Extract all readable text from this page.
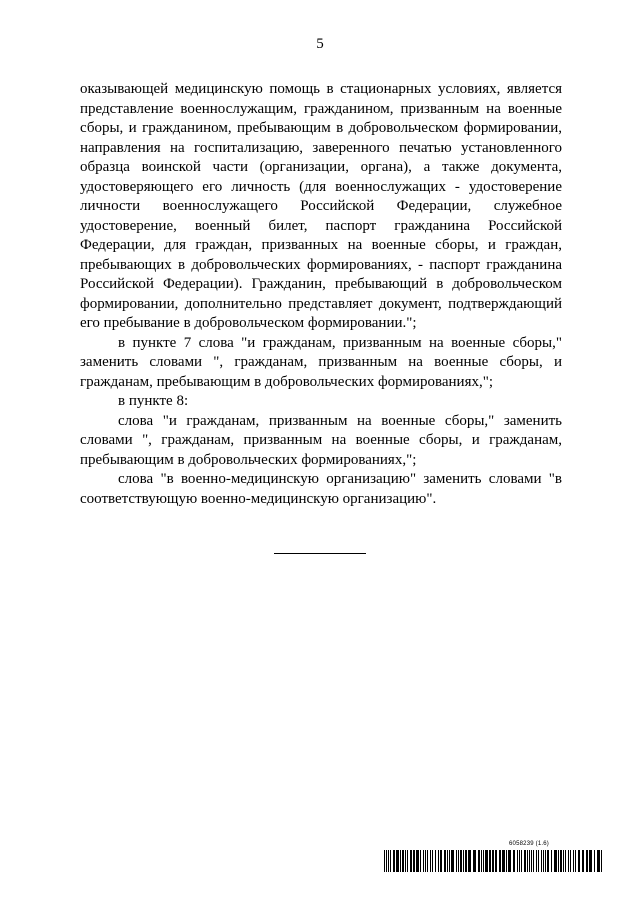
5

оказывающей медицинскую помощь в стационарных условиях, является представление военнослужащим, гражданином, призванным на военные сборы, и гражданином, пребывающим в добровольческом формировании, направления на госпитализацию, заверенного печатью установленного образца воинской части (организации, органа), а также документа, удостоверяющего его личность (для военнослужащих - удостоверение личности военнослужащего Российской Федерации, служебное удостоверение, военный билет, паспорт гражданина Российской Федерации, для граждан, призванных на военные сборы, и граждан, пребывающих в добровольческих формированиях, - паспорт гражданина Российской Федерации). Гражданин, пребывающий в добровольческом формировании, дополнительно представляет документ, подтверждающий его пребывание в добровольческом формировании.";

в пункте 7 слова "и гражданам, призванным на военные сборы," заменить словами ", гражданам, призванным на военные сборы, и гражданам, пребывающим в добровольческих формированиях,";

в пункте 8:

слова "и гражданам, призванным на военные сборы," заменить словами ", гражданам, призванным на военные сборы, и гражданам, пребывающим в добровольческих формированиях,";

слова "в военно-медицинскую организацию" заменить словами "в соответствующую военно-медицинскую организацию".

6058239 (1.6)
